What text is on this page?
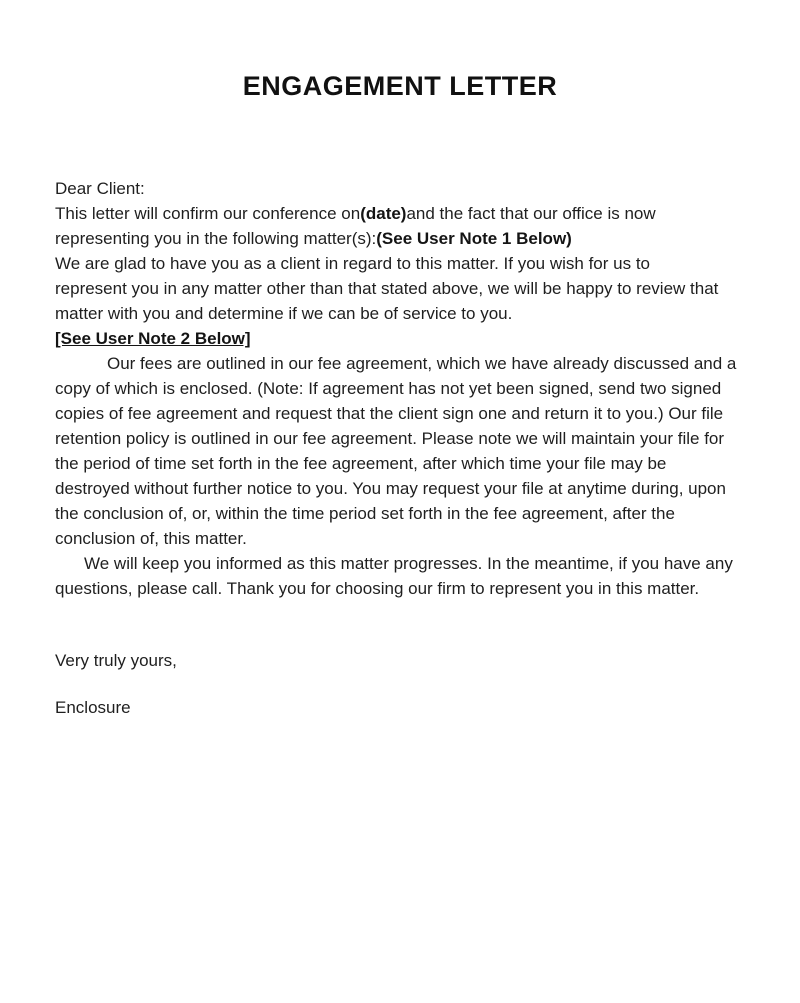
ENGAGEMENT LETTER
Dear Client:

This letter will confirm our conference on(date)and the fact that our office is now representing you in the following matter(s):(See User Note 1 Below)

We are glad to have you as a client in regard to this matter. If you wish for us to

represent you in any matter other than that stated above, we will be happy to review that matter with you and determine if we can be of service to you.
[See User Note 2 Below]

Our fees are outlined in our fee agreement, which we have already discussed and a copy of which is enclosed. (Note: If agreement has not yet been signed, send two signed copies of fee agreement and request that the client sign one and return it to you.) Our file retention policy is outlined in our fee agreement. Please note we will maintain your file for the period of time set forth in the fee agreement, after which time your file may be destroyed without further notice to you. You may request your file at anytime during, upon the conclusion of, or, within the time period set forth in the fee agreement, after the conclusion of, this matter.

We will keep you informed as this matter progresses. In the meantime, if you have any questions, please call. Thank you for choosing our firm to represent you in this matter.

Very truly yours,
Enclosure
